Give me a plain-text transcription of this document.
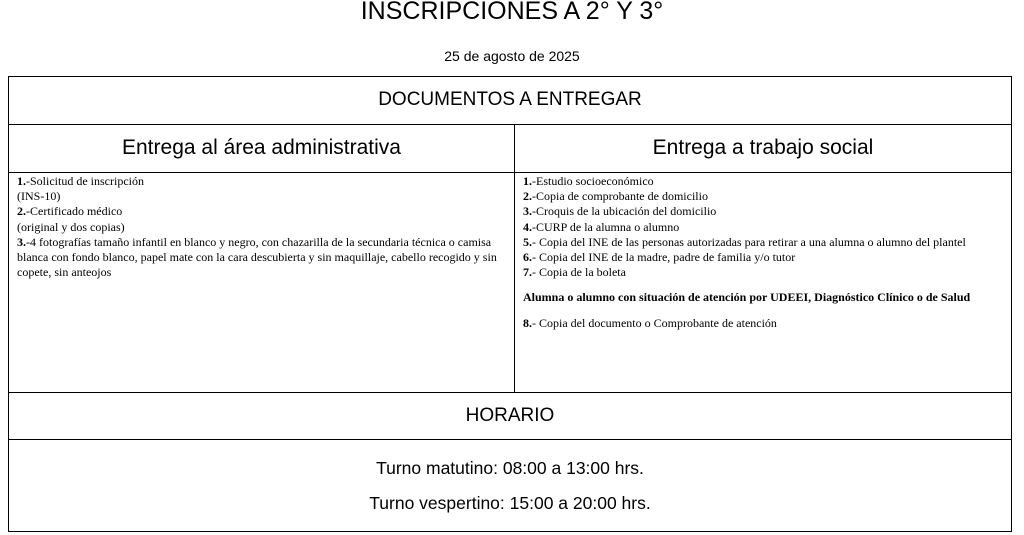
INSCRIPCIONES A 2° Y 3°
25 de agosto de 2025
DOCUMENTOS A ENTREGAR
Entrega al área administrativa	Entrega a trabajo social

1.-Solicitud de inscripción

(INS-10)

2.-Certificado médico

(original y dos copias)

3.-4 fotografías tamaño infantil en blanco y negro, con chazarilla de la secundaria técnica o camisa blanca con fondo blanco, papel mate con la cara descubierta y sin maquillaje, cabello recogido y sin copete, sin anteojos

1.-Estudio socioeconómico

2.-Copia de comprobante de domicilio

3.-Croquis de la ubicación del domicilio

4.-CURP de la alumna o alumno

5.- Copia del INE de las personas autorizadas para retirar a una alumna o alumno del plantel

6.- Copia del INE de la madre, padre de familia y/o tutor

7.- Copia de la boleta

Alumna o alumno con situación de atención por UDEEI, Diagnóstico Clínico o de Salud

8.- Copia del documento o Comprobante de atención

HORARIO
Turno matutino: 08:00 a 13:00 hrs.
Turno vespertino: 15:00 a 20:00 hrs.
